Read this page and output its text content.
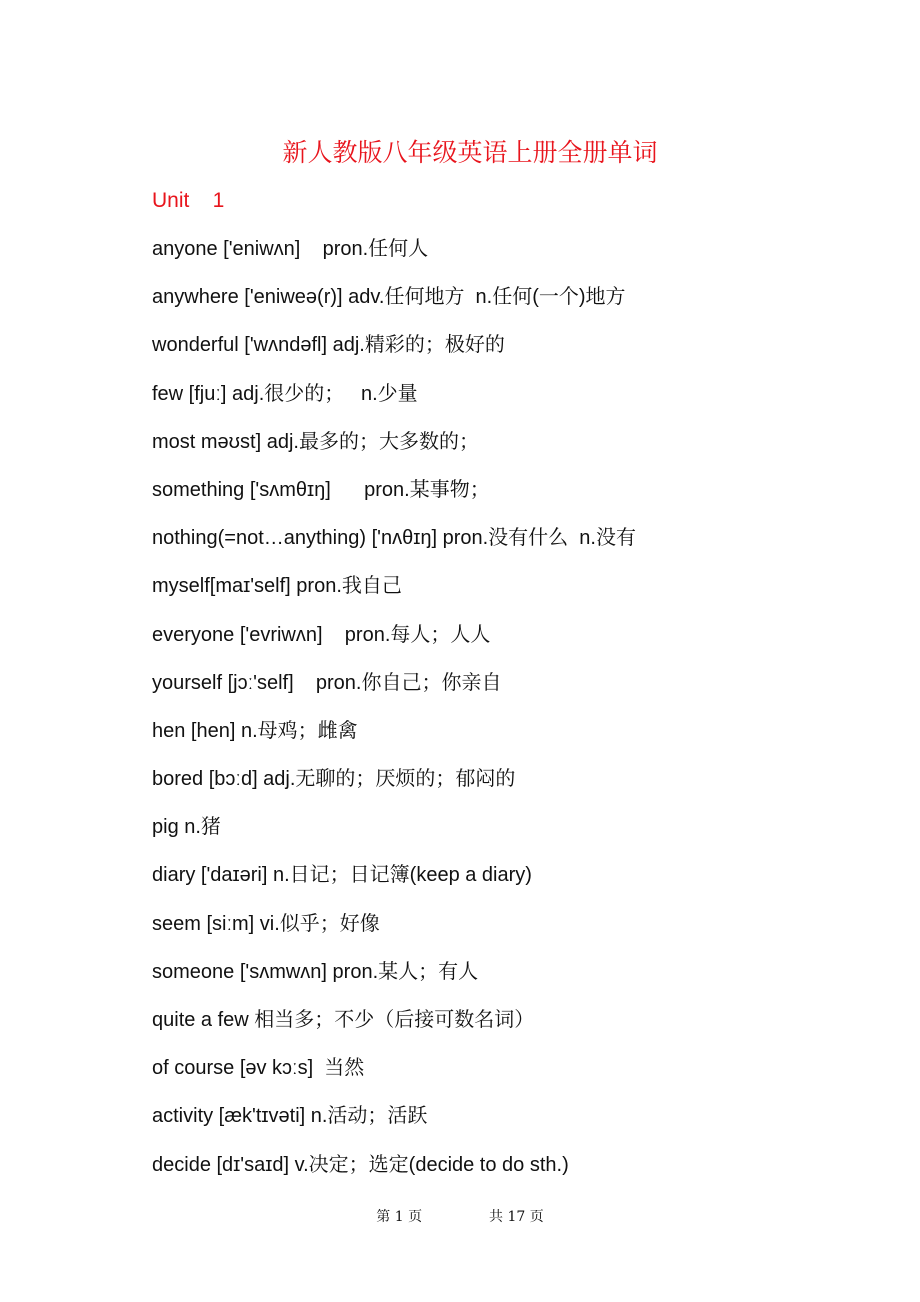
新人教版八年级英语上册全册单词
Unit    1
anyone ['eniwʌn]    pron.任何人
anywhere ['eniweə(r)] adv.任何地方  n.任何(一个)地方
wonderful ['wʌndəfl] adj.精彩的；极好的
few [fjuː] adj.很少的；   n.少量
most məʊst] adj.最多的；大多数的；
something ['sʌmθɪŋ]      pron.某事物；
nothing(=not…anything) ['nʌθɪŋ] pron.没有什么  n.没有
myself[maɪ'self] pron.我自己
everyone ['evriwʌn]    pron.每人；人人
yourself [jɔː'self]    pron.你自己；你亲自
hen [hen] n.母鸡；雌禽
bored [bɔːd] adj.无聊的；厌烦的；郁闷的
pig n.猪
diary ['daɪəri] n.日记；日记簿(keep a diary)
seem [siːm] vi.似乎；好像
someone ['sʌmwʌn] pron.某人；有人
quite a few 相当多；不少（后接可数名词）
of course [əv kɔːs]  当然
activity [æk'tɪvəti] n.活动；活跃
decide [dɪ'saɪd] v.决定；选定(decide to do sth.)
第 1 页	共 17 页
